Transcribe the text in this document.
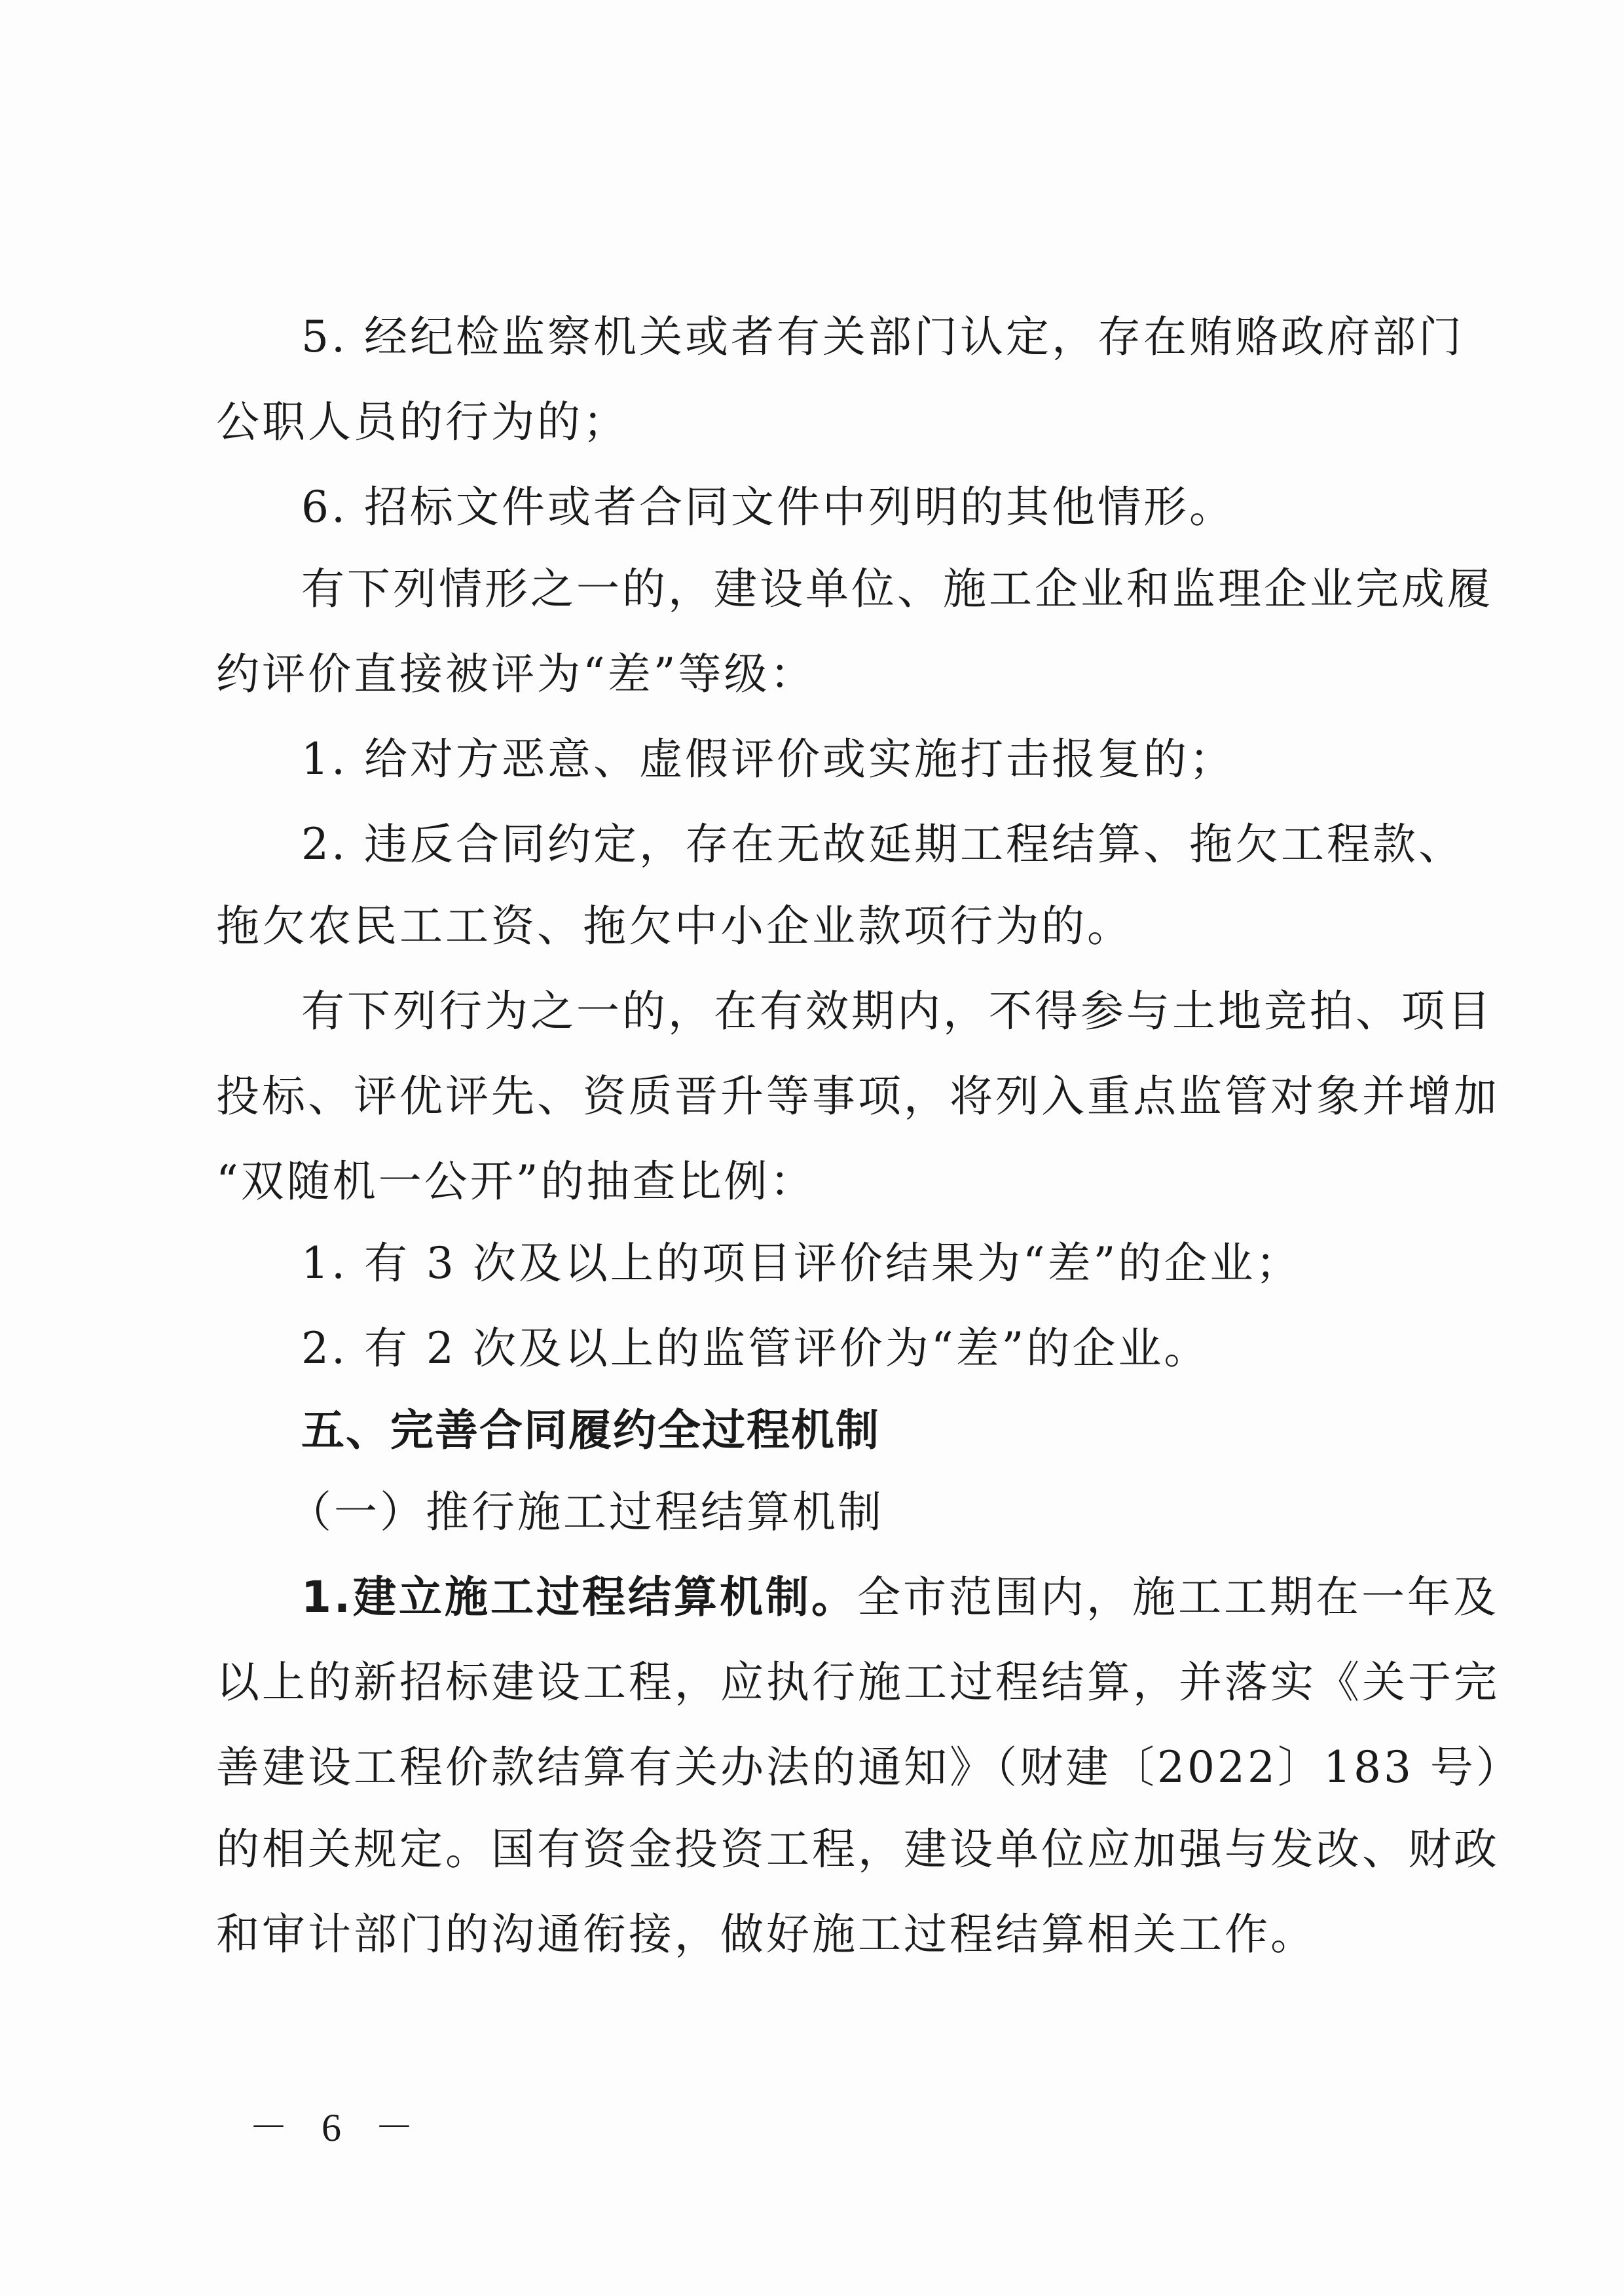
5. 经纪检监察机关或者有关部门认定，存在贿赂政府部门
公职人员的行为的；
6. 招标文件或者合同文件中列明的其他情形。
有下列情形之一的，建设单位、施工企业和监理企业完成履
约评价直接被评为“差”等级：
1. 给对方恶意、虚假评价或实施打击报复的；
2. 违反合同约定，存在无故延期工程结算、拖欠工程款、
拖欠农民工工资、拖欠中小企业款项行为的。
有下列行为之一的，在有效期内，不得参与土地竞拍、项目
投标、评优评先、资质晋升等事项，将列入重点监管对象并增加
“双随机一公开”的抽查比例：
1. 有 3 次及以上的项目评价结果为“差”的企业；
2. 有 2 次及以上的监管评价为“差”的企业。
五、完善合同履约全过程机制
（一）推行施工过程结算机制
1.建立施工过程结算机制。全市范围内，施工工期在一年及
以上的新招标建设工程，应执行施工过程结算，并落实《关于完
善建设工程价款结算有关办法的通知》（财建〔2022〕183 号）
的相关规定。国有资金投资工程，建设单位应加强与发改、财政
和审计部门的沟通衔接，做好施工过程结算相关工作。
－ 6 －
